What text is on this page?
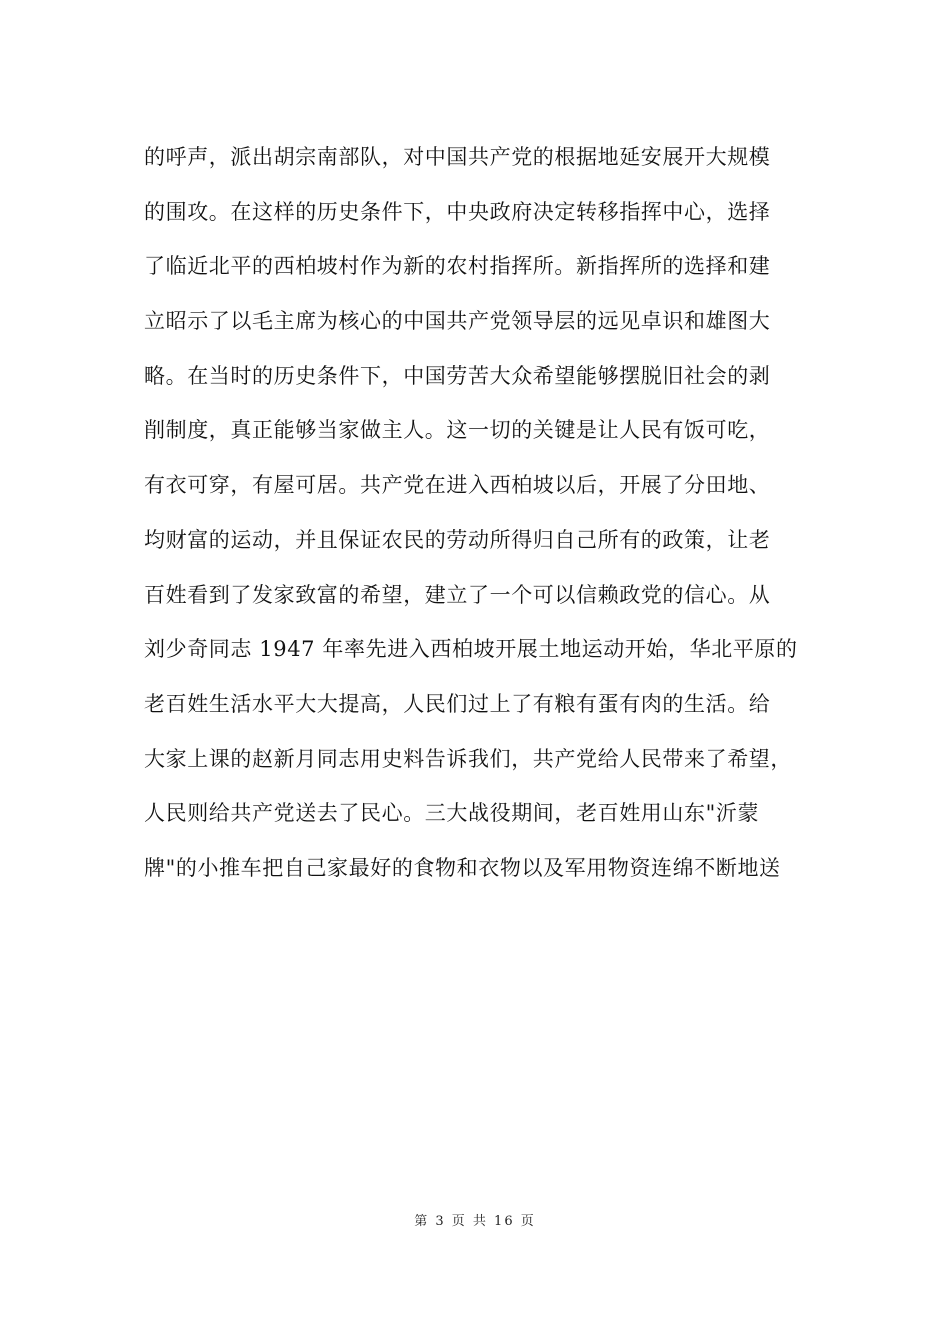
的呼声，派出胡宗南部队，对中国共产党的根据地延安展开大规模
的围攻。在这样的历史条件下，中央政府决定转移指挥中心，选择
了临近北平的西柏坡村作为新的农村指挥所。新指挥所的选择和建
立昭示了以毛主席为核心的中国共产党领导层的远见卓识和雄图大
略。在当时的历史条件下，中国劳苦大众希望能够摆脱旧社会的剥
削制度，真正能够当家做主人。这一切的关键是让人民有饭可吃，
有衣可穿，有屋可居。共产党在进入西柏坡以后，开展了分田地、
均财富的运动，并且保证农民的劳动所得归自己所有的政策，让老
百姓看到了发家致富的希望，建立了一个可以信赖政党的信心。从
刘少奇同志 1947 年率先进入西柏坡开展土地运动开始，华北平原的
老百姓生活水平大大提高，人民们过上了有粮有蛋有肉的生活。给
大家上课的赵新月同志用史料告诉我们，共产党给人民带来了希望，
人民则给共产党送去了民心。三大战役期间，老百姓用山东"沂蒙
牌"的小推车把自己家最好的食物和衣物以及军用物资连绵不断地送
第 3 页 共 16 页
